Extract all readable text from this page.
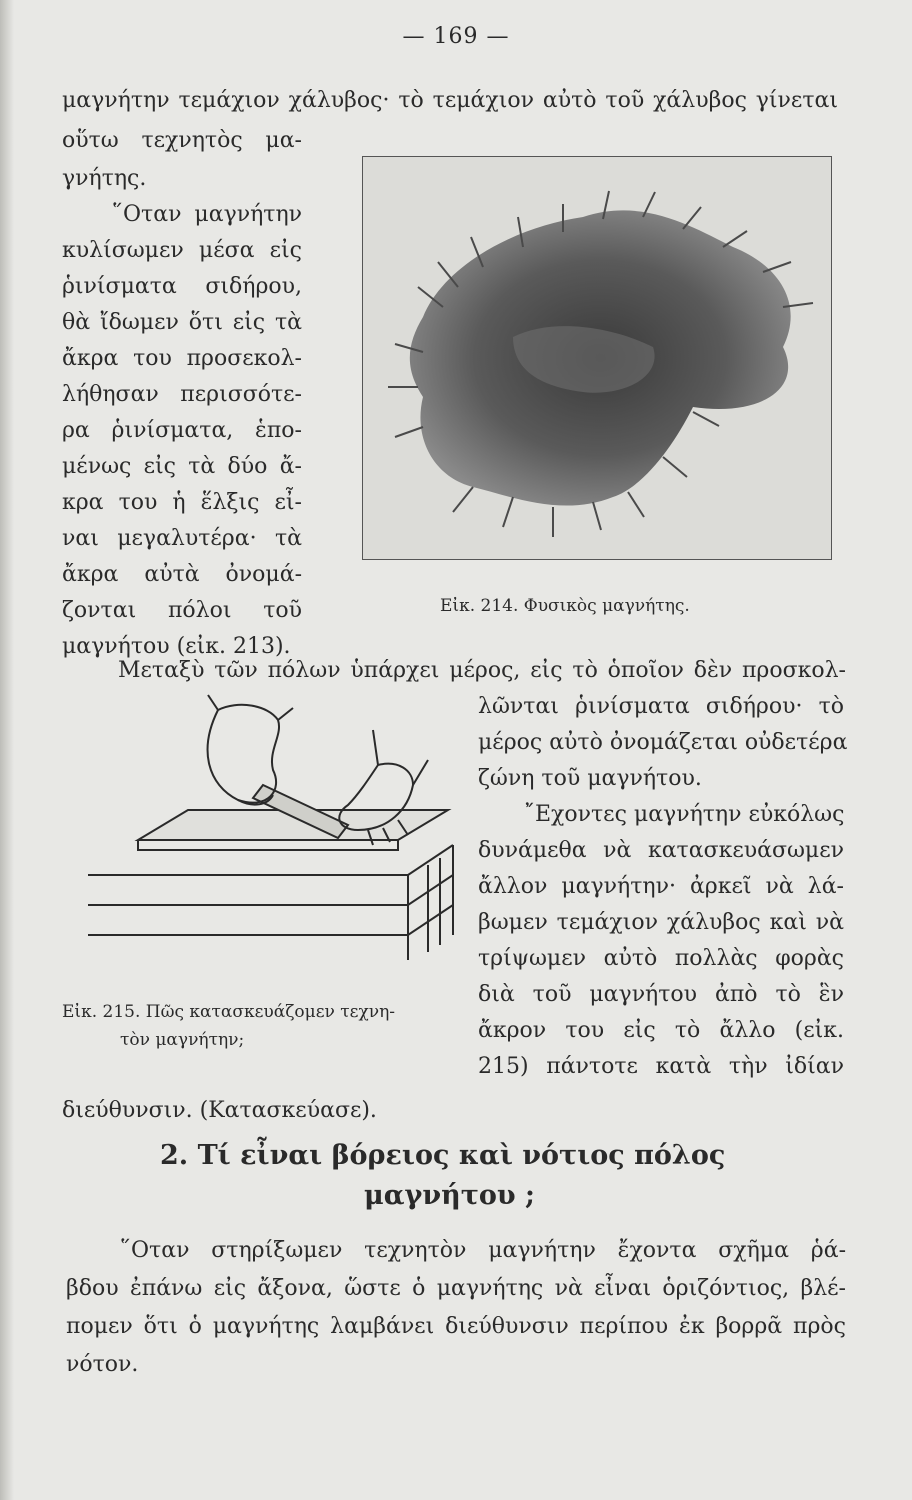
— 169 —
μαγνήτην τεμάχιον χάλυβος· τὸ τεμάχιον αὐτὸ τοῦ χάλυβος γίνεται
οὕτω τεχνητὸς μα-
γνήτης.
῞Οταν μαγνήτην
κυλίσωμεν μέσα εἰς
ῥινίσματα σιδήρου,
θὰ ἴδωμεν ὅτι εἰς τὰ
ἄκρα του προσεκολ-
λήθησαν περισσότε-
ρα ῥινίσματα, ἑπο-
μένως εἰς τὰ δύο ἄ-
κρα του ἡ ἕλξις εἶ-
ναι μεγαλυτέρα· τὰ
ἄκρα αὐτὰ ὀνομά-
ζονται πόλοι τοῦ
μαγνήτου (εἰκ. 213).
Εἰκ. 214. Φυσικὸς μαγνήτης.
Μεταξὺ τῶν πόλων ὑπάρχει μέρος, εἰς τὸ ὁποῖον δὲν προσκολ-
λῶνται ῥινίσματα σιδήρου· τὸ
μέρος αὐτὸ ὀνομάζεται οὐδετέρα
ζώνη τοῦ μαγνήτου.
῎Εχοντες μαγνήτην εὐκόλως
δυνάμεθα νὰ κατασκευάσωμεν
ἄλλον μαγνήτην· ἀρκεῖ νὰ λά-
βωμεν τεμάχιον χάλυβος καὶ νὰ
τρίψωμεν αὐτὸ πολλὰς φορὰς
διὰ τοῦ μαγνήτου ἀπὸ τὸ ἓν
ἄκρον του εἰς τὸ ἄλλο (εἰκ.
215) πάντοτε κατὰ τὴν ἰδίαν
Εἰκ. 215. Πῶς κατασκευάζομεν τεχνη-
τὸν μαγνήτην;
διεύθυνσιν. (Κατασκεύασε).
2. Τί εἶναι βόρειος καὶ νότιος πόλος
μαγνήτου ;
῞Οταν στηρίξωμεν τεχνητὸν μαγνήτην ἔχοντα σχῆμα ῥά-
βδου ἐπάνω εἰς ἄξονα, ὥστε ὁ μαγνήτης νὰ εἶναι ὁριζόντιος, βλέ-
πομεν ὅτι ὁ μαγνήτης λαμβάνει διεύθυνσιν περίπου ἐκ βορρᾶ πρὸς
νότον.
